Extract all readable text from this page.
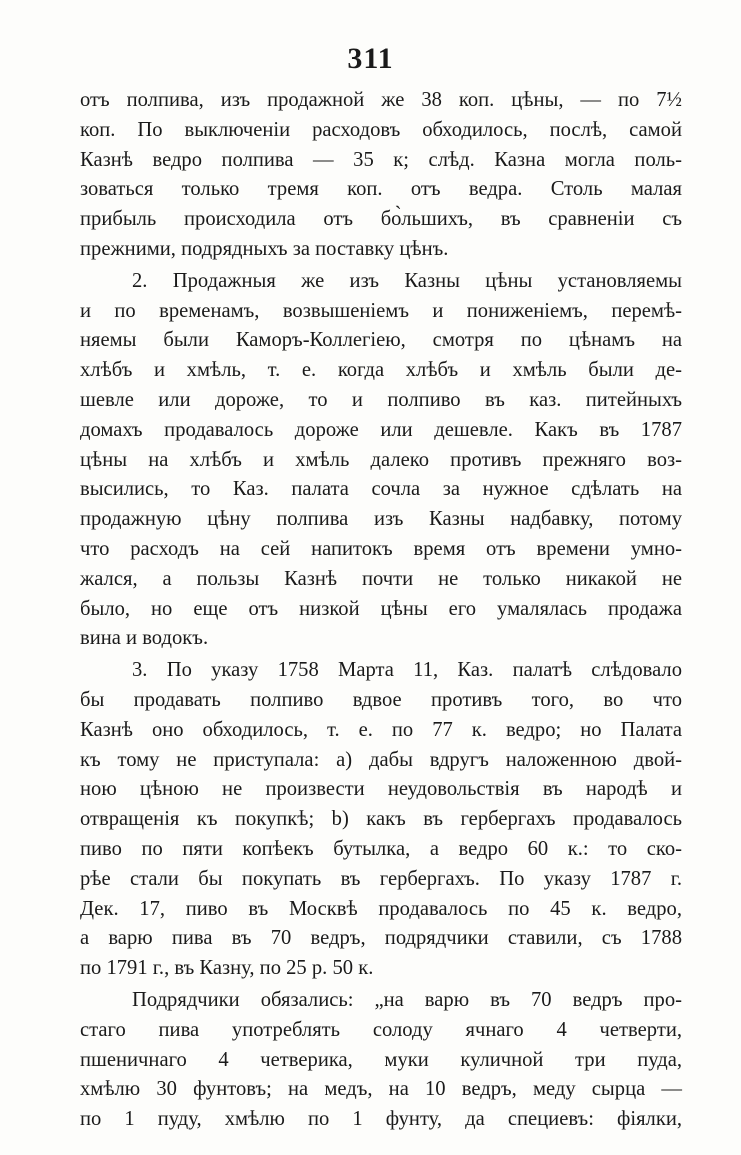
311
отъ полпива, изъ продажной же 38 коп. цѣны, — по 7½
коп. По выключеніи расходовъ обходилось, послѣ, самой
Казнѣ ведро полпива — 35 к; слѣд. Казна могла поль-
зоваться только тремя коп. отъ ведра. Столь малая
прибыль происходила отъ бо̀льшихъ, въ сравненіи съ
прежними, подрядныхъ за поставку цѣнъ.
2. Продажныя же изъ Казны цѣны установляемы
и по временамъ, возвышеніемъ и пониженіемъ, перемѣ-
няемы были Каморъ-Коллегіею, смотря по цѣнамъ на
хлѣбъ и хмѣль, т. е. когда хлѣбъ и хмѣль были де-
шевле или дороже, то и полпиво въ каз. питейныхъ
домахъ продавалось дороже или дешевле. Какъ въ 1787
цѣны на хлѣбъ и хмѣль далеко противъ прежняго воз-
высились, то Каз. палата сочла за нужное сдѣлать на
продажную цѣну полпива изъ Казны надбавку, потому
что расходъ на сей напитокъ время отъ времени умно-
жался, а пользы Казнѣ почти не только никакой не
было, но еще отъ низкой цѣны его умалялась продажа
вина и водокъ.
3. По указу 1758 Марта 11, Каз. палатѣ слѣдовало
бы продавать полпиво вдвое противъ того, во что
Казнѣ оно обходилось, т. е. по 77 к. ведро; но Палата
къ тому не приступала: а) дабы вдругъ наложенною двой-
ною цѣною не произвести неудовольствія въ народѣ и
отвращенія къ покупкѣ; b) какъ въ гербергахъ продавалось
пиво по пяти копѣекъ бутылка, а ведро 60 к.: то ско-
рѣе стали бы покупать въ гербергахъ. По указу 1787 г.
Дек. 17, пиво въ Москвѣ продавалось по 45 к. ведро,
а варю пива въ 70 ведръ, подрядчики ставили, съ 1788
по 1791 г., въ Казну, по 25 р. 50 к.
Подрядчики обязались: „на варю въ 70 ведръ про-
стаго пива употреблять солоду ячнаго 4 четверти,
пшеничнаго 4 четверика, муки куличной три пуда,
хмѣлю 30 фунтовъ; на медъ, на 10 ведръ, меду сырца —
по 1 пуду, хмѣлю по 1 фунту, да специевъ: фіялки,
